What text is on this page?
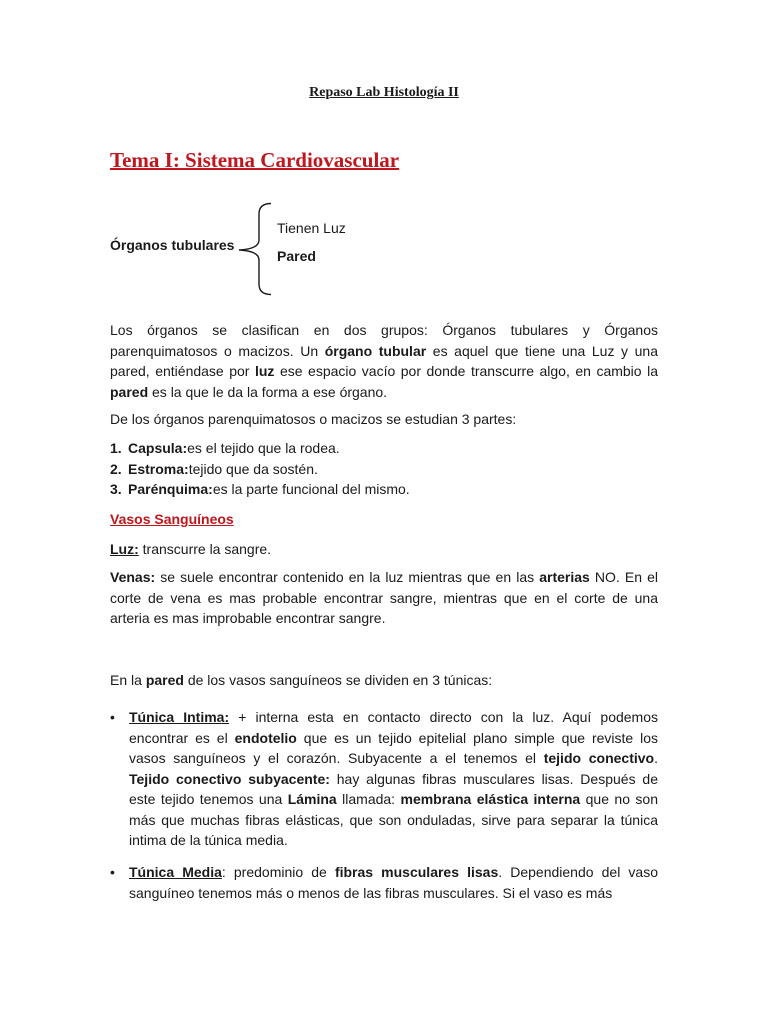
Repaso Lab Histología II
Tema I: Sistema Cardiovascular
Órganos tubulares
Tienen Luz
Pared

Los órganos se clasifican en dos grupos: Órganos tubulares y Órganos parenquimatosos o macizos. Un órgano tubular es aquel que tiene una Luz y una pared, entiéndase por luz ese espacio vacío por donde transcurre algo, en cambio la pared es la que le da la forma a ese órgano.

De los órganos parenquimatosos o macizos se estudian 3 partes:

1. Capsula: es el tejido que la rodea.
2. Estroma: tejido que da sostén.
3. Parénquima: es la parte funcional del mismo.

Vasos Sanguíneos

Luz: transcurre la sangre.

Venas: se suele encontrar contenido en la luz mientras que en las arterias NO. En el corte de vena es mas probable encontrar sangre, mientras que en el corte de una arteria es mas improbable encontrar sangre.

En la pared de los vasos sanguíneos se dividen en 3 túnicas:

• Túnica Intima: + interna esta en contacto directo con la luz. Aquí podemos encontrar es el endotelio que es un tejido epitelial plano simple que reviste los vasos sanguíneos y el corazón. Subyacente a el tenemos el tejido conectivo. Tejido conectivo subyacente: hay algunas fibras musculares lisas. Después de este tejido tenemos una Lámina llamada: membrana elástica interna que no son más que muchas fibras elásticas, que son onduladas, sirve para separar la túnica intima de la túnica media.
• Túnica Media: predominio de fibras musculares lisas. Dependiendo del vaso sanguíneo tenemos más o menos de las fibras musculares. Si el vaso es más
